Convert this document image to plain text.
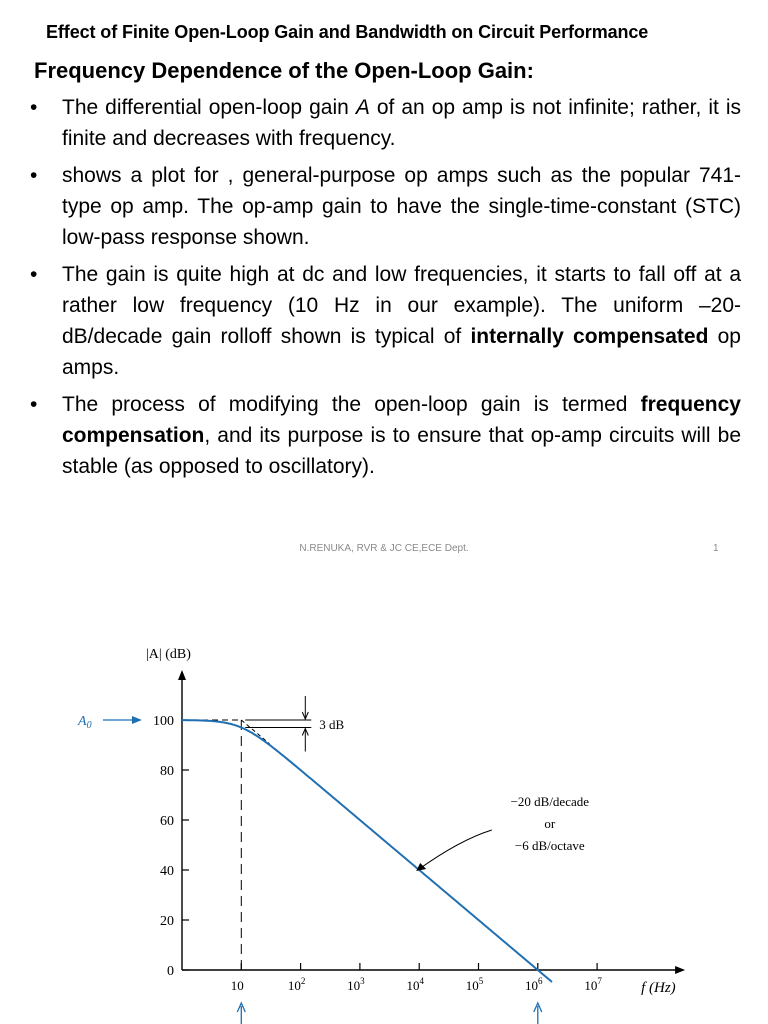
Effect of Finite Open-Loop Gain and Bandwidth on Circuit Performance
Frequency Dependence of the Open-Loop Gain:
• The differential open-loop gain A of an op amp is not infinite; rather, it is finite and decreases with frequency.
• shows a plot for , general-purpose op amps such as the popular 741-type op amp. The op-amp gain to have the single-time-constant (STC) low-pass response shown.
• The gain is quite high at dc and low frequencies, it starts to fall off at a rather low frequency (10 Hz in our example). The uniform –20-dB/decade gain rolloff shown is typical of internally compensated op amps.
• The process of modifying the open-loop gain is termed frequency compensation, and its purpose is to ensure that op-amp circuits will be stable (as opposed to oscillatory).
N.RENUKA, RVR & JC CE,ECE Dept.	1
0
20
40
60
80
100
10	$10^2$	$10^3$	$10^4$	$10^5$	$10^6$	$10^7$
|A| (dB)
f (Hz)
3 dB
$A_0$
−20 dB/decade
or
−6 dB/octave
